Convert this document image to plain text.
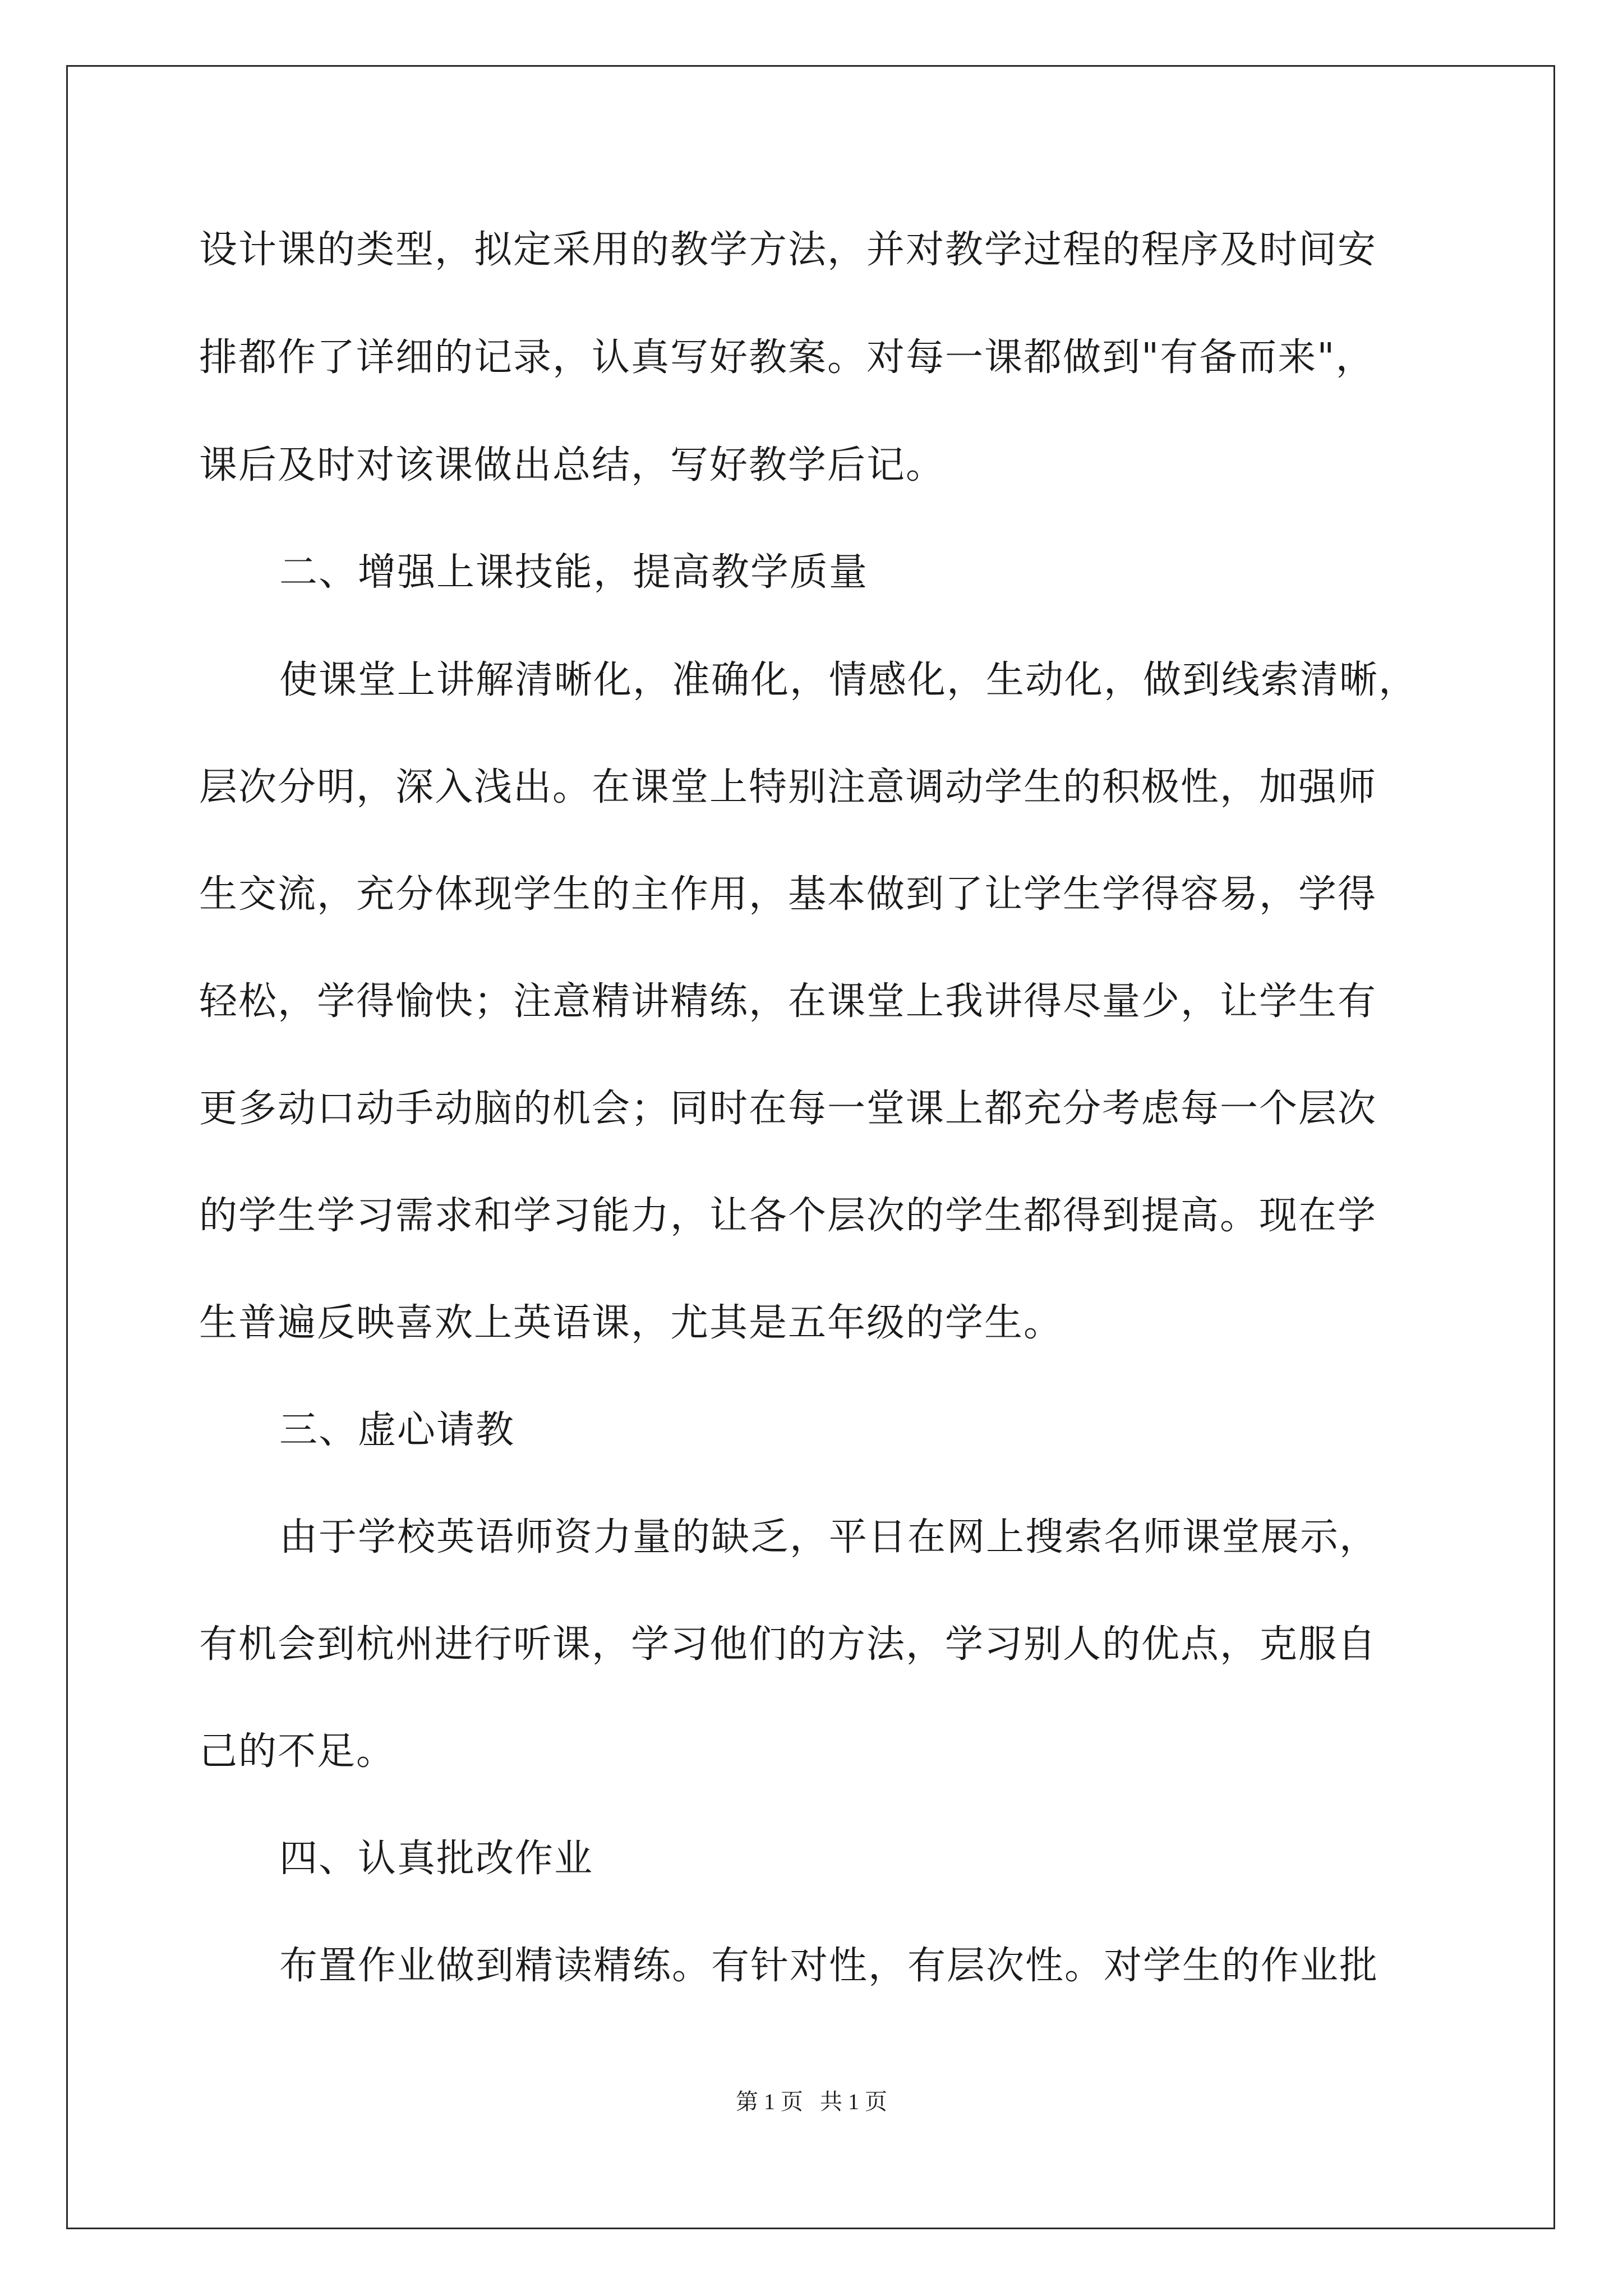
设计课的类型，拟定采用的教学方法，并对教学过程的程序及时间安
排都作了详细的记录，认真写好教案。对每一课都做到"有备而来"，
课后及时对该课做出总结，写好教学后记。
二、增强上课技能，提高教学质量
使课堂上讲解清晰化，准确化，情感化，生动化，做到线索清晰，
层次分明，深入浅出。在课堂上特别注意调动学生的积极性，加强师
生交流，充分体现学生的主作用，基本做到了让学生学得容易，学得
轻松，学得愉快；注意精讲精练，在课堂上我讲得尽量少，让学生有
更多动口动手动脑的机会；同时在每一堂课上都充分考虑每一个层次
的学生学习需求和学习能力，让各个层次的学生都得到提高。现在学
生普遍反映喜欢上英语课，尤其是五年级的学生。
三、虚心请教
由于学校英语师资力量的缺乏，平日在网上搜索名师课堂展示，
有机会到杭州进行听课，学习他们的方法，学习别人的优点，克服自
己的不足。
四、认真批改作业
布置作业做到精读精练。有针对性，有层次性。对学生的作业批
第 1 页   共 1 页
